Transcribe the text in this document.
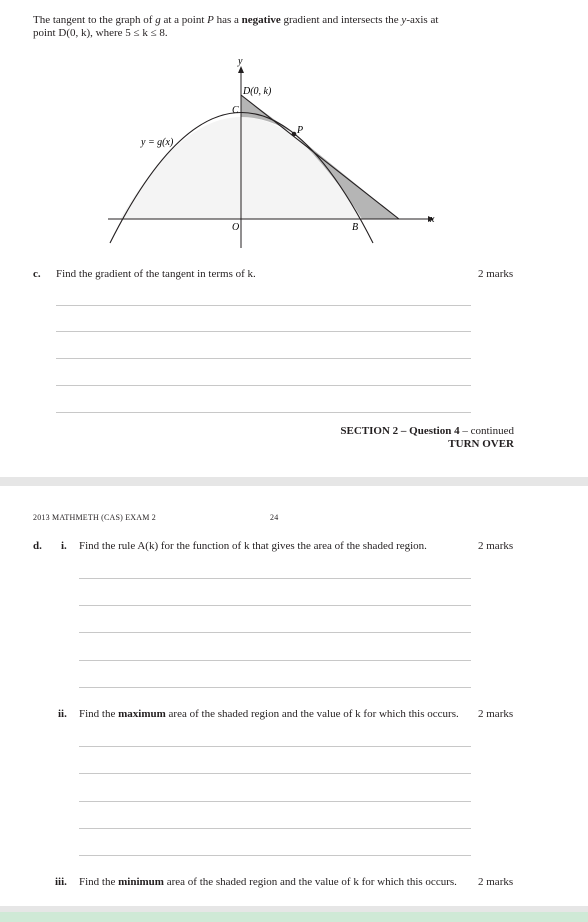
The tangent to the graph of g at a point P has a negative gradient and intersects the y-axis at
point D(0, k), where 5 ≤ k ≤ 8.
y
x
y = g(x)
D(0, k)
C
P
O	B
c. Find the gradient of the tangent in terms of k.	2 marks
SECTION 2 – Question 4 – continued
TURN OVER
2013 MATHMETH (CAS) EXAM 2	24
d. i. Find the rule A(k) for the function of k that gives the area of the shaded region.	2 marks
ii. Find the maximum area of the shaded region and the value of k for which this occurs. 2 marks
iii. Find the minimum area of the shaded region and the value of k for which this occurs. 2 marks
